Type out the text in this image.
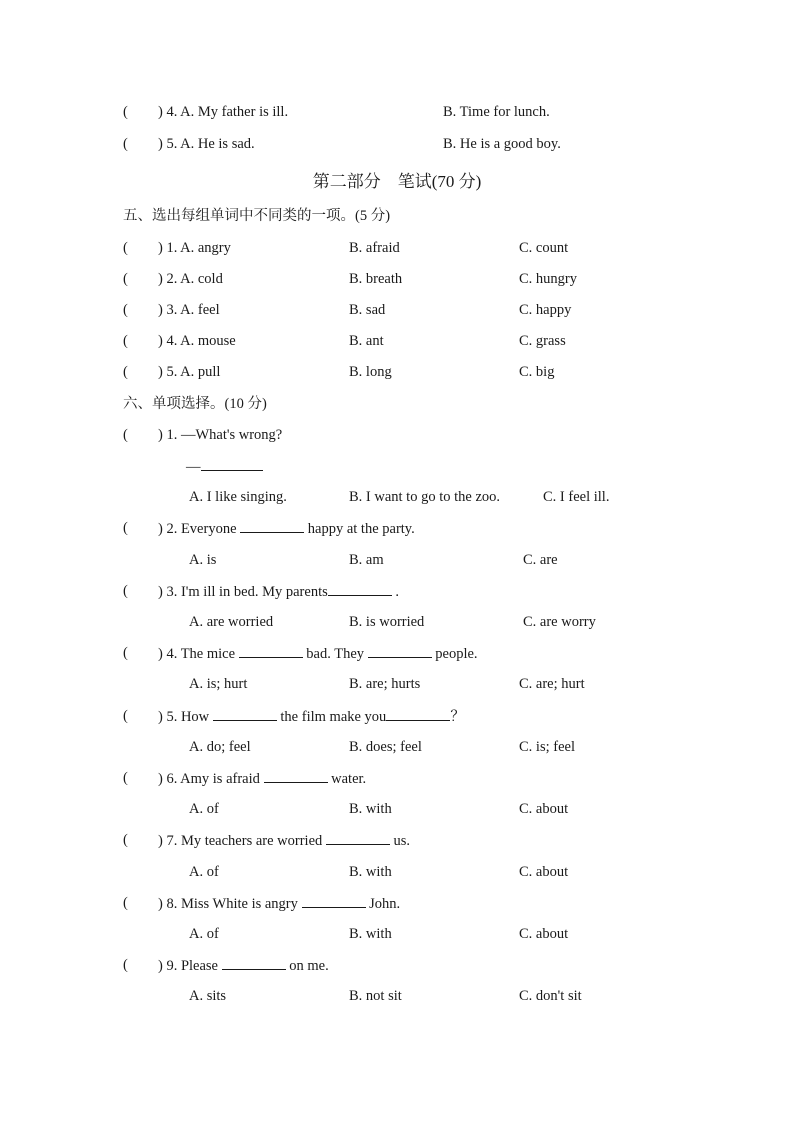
( ) 4. A. My father is ill.	B. Time for lunch.
( ) 5. A. He is sad.	B. He is a good boy.
第二部分　笔试(70 分)
五、选出每组单词中不同类的一项。(5 分)
( ) 1. A. angry	B. afraid	C. count
( ) 2. A. cold	B. breath	C. hungry
( ) 3. A. feel	B. sad	C. happy
( ) 4. A. mouse	B. ant	C. grass
( ) 5. A. pull	B. long	C. big
六、单项选择。(10 分)
( ) 1. —What's wrong?
—
A. I like singing.	B. I want to go to the zoo.	C. I feel ill.
( ) 2. Everyone	happy at the party.
A. is	B. am	C. are
( ) 3. I'm ill in bed. My parents	.
A. are worried	B. is worried	C. are worry
( ) 4. The mice	bad. They	people.
A. is; hurt	B. are; hurts	C. are; hurt
( ) 5. How	the film make you	？
A. do; feel	B. does; feel	C. is; feel
( ) 6. Amy is afraid	water.
A. of	B. with	C. about
( ) 7. My teachers are worried	us.
A. of	B. with	C. about
( ) 8. Miss White is angry	John.
A. of	B. with	C. about
( ) 9. Please	on me.
A. sits	B. not sit	C. don't sit
